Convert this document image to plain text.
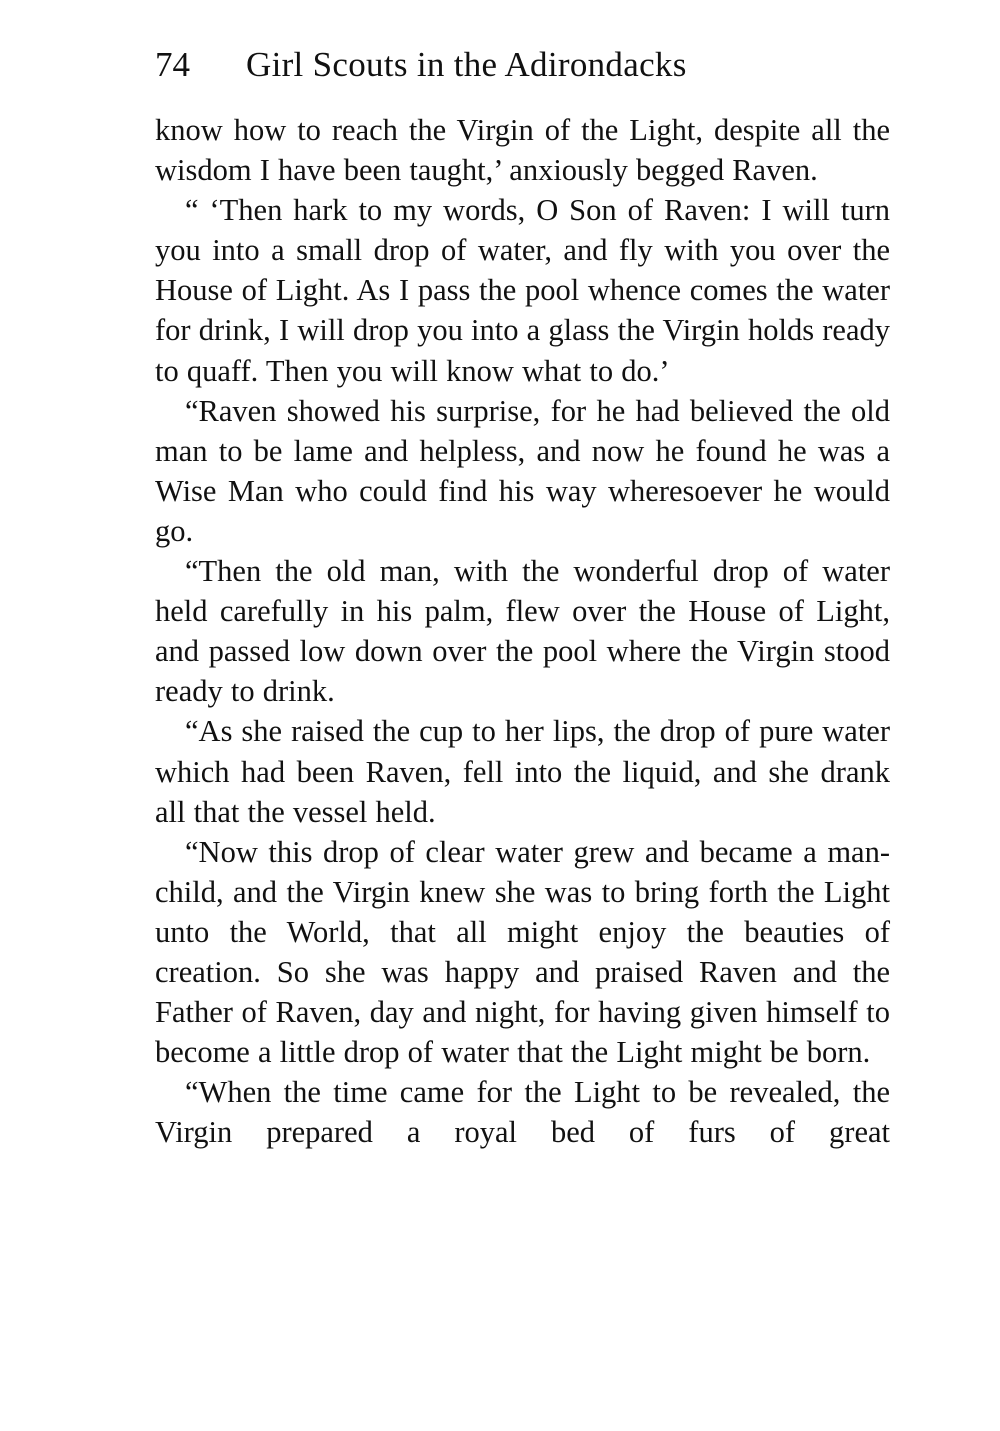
74 Girl Scouts in the Adirondacks

know how to reach the Virgin of the Light, despite all the wisdom I have been taught,’ anxiously begged Raven.

“ ‘Then hark to my words, O Son of Raven: I will turn you into a small drop of water, and fly with you over the House of Light. As I pass the pool whence comes the water for drink, I will drop you into a glass the Virgin holds ready to quaff. Then you will know what to do.’

“Raven showed his surprise, for he had believed the old man to be lame and helpless, and now he found he was a Wise Man who could find his way wheresoever he would go.

“Then the old man, with the wonderful drop of water held carefully in his palm, flew over the House of Light, and passed low down over the pool where the Virgin stood ready to drink.

“As she raised the cup to her lips, the drop of pure water which had been Raven, fell into the liquid, and she drank all that the vessel held.

“Now this drop of clear water grew and became a man-child, and the Virgin knew she was to bring forth the Light unto the World, that all might enjoy the beauties of creation. So she was happy and praised Raven and the Father of Raven, day and night, for having given himself to become a little drop of water that the Light might be born.

“When the time came for the Light to be revealed, the Virgin prepared a royal bed of furs of great
